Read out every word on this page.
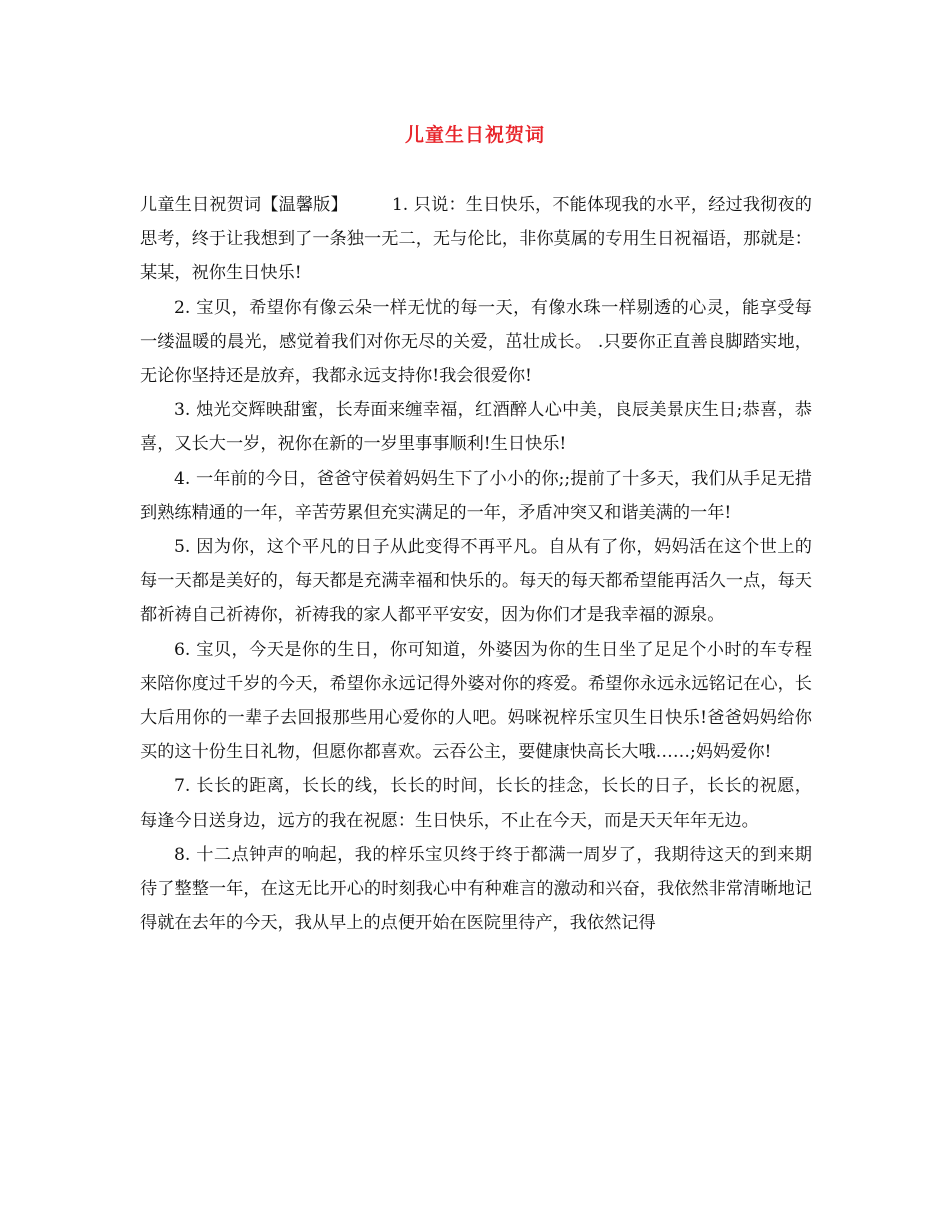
儿童生日祝贺词

儿童生日祝贺词【温馨版】	1. 只说：生日快乐，不能体现我的水平，经过我彻夜的思考，终于让我想到了一条独一无二，无与伦比，非你莫属的专用生日祝福语，那就是：某某，祝你生日快乐!

2. 宝贝，希望你有像云朵一样无忧的每一天，有像水珠一样剔透的心灵，能享受每一缕温暖的晨光，感觉着我们对你无尽的关爱，茁壮成长。 .只要你正直善良脚踏实地，无论你坚持还是放弃，我都永远支持你!我会很爱你!

3. 烛光交辉映甜蜜，长寿面来缠幸福，红酒醉人心中美，良辰美景庆生日;恭喜，恭喜，又长大一岁，祝你在新的一岁里事事顺利!生日快乐!

4. 一年前的今日，爸爸守侯着妈妈生下了小小的你;;提前了十多天，我们从手足无措到熟练精通的一年，辛苦劳累但充实满足的一年，矛盾冲突又和谐美满的一年!

5. 因为你，这个平凡的日子从此变得不再平凡。自从有了你，妈妈活在这个世上的每一天都是美好的，每天都是充满幸福和快乐的。每天的每天都希望能再活久一点，每天都祈祷自己祈祷你，祈祷我的家人都平平安安，因为你们才是我幸福的源泉。

6. 宝贝，今天是你的生日，你可知道，外婆因为你的生日坐了足足个小时的车专程来陪你度过千岁的今天，希望你永远记得外婆对你的疼爱。希望你永远永远铭记在心，长大后用你的一辈子去回报那些用心爱你的人吧。妈咪祝梓乐宝贝生日快乐!爸爸妈妈给你买的这十份生日礼物，但愿你都喜欢。云吞公主，要健康快高长大哦……;妈妈爱你!

7. 长长的距离，长长的线，长长的时间，长长的挂念，长长的日子，长长的祝愿，每逢今日送身边，远方的我在祝愿：生日快乐，不止在今天，而是天天年年无边。

8. 十二点钟声的响起，我的梓乐宝贝终于终于都满一周岁了，我期待这天的到来期待了整整一年，在这无比开心的时刻我心中有种难言的激动和兴奋，我依然非常清晰地记得就在去年的今天，我从早上的点便开始在医院里待产，我依然记得
